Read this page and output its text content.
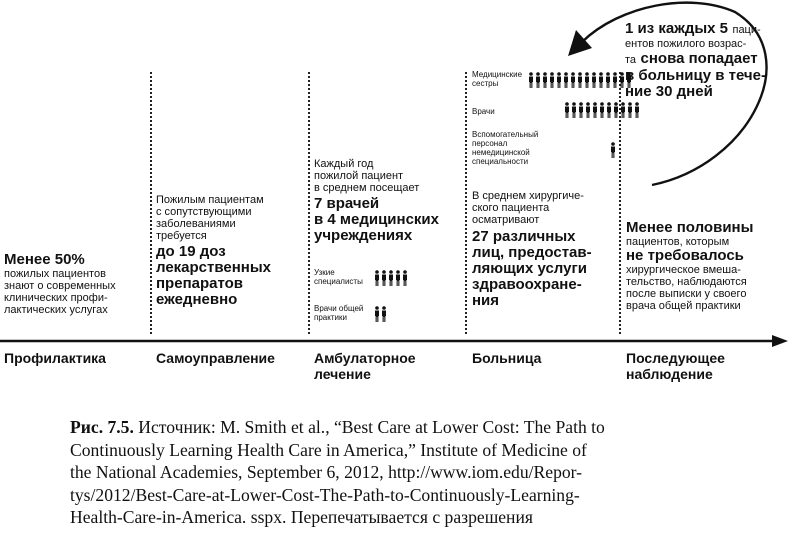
Менее 50%
пожилых пациентов
знают о современных
клинических профи-
лактических услугах
Пожилым пациентам
с сопутствующими
заболеваниями
требуется
до 19 доз
лекарственных
препаратов
ежедневно
Каждый год
пожилой пациент
в среднем посещает
7 врачей
в 4 медицинских
учреждениях
Узкие
специалисты
Врачи общей
практики
Медицинские
сестры
Врачи
Вспомогательный
персонал
немедицинской
специальности
В среднем хирургиче-
ского пациента
осматривают
27 различных
лиц, предостав-
ляющих услуги
здравоохране-
ния
1 из каждых 5 паци-
ентов пожилого возрас-
та снова попадает
в больницу в тече-
ние 30 дней
Менее половины
пациентов, которым
не требовалось
хирургическое вмеша-
тельство, наблюдаются
после выписки у своего
врача общей практики
Профилактика	Самоуправление	Амбулаторное
лечение
Больница	Последующее
наблюдение
Рис. 7.5. Источник: M. Smith et al., “Best Care at Lower Cost: The Path to
Continuously Learning Health Care in America,” Institute of Medicine of
the National Academies, September 6, 2012, http://www.iom.edu/Repor-
tys/2012/Best-Care-at-Lower-Cost-The-Path-to-Continuously-Learning-
Health-Care-in-America. sspx. Перепечатывается с разрешения
